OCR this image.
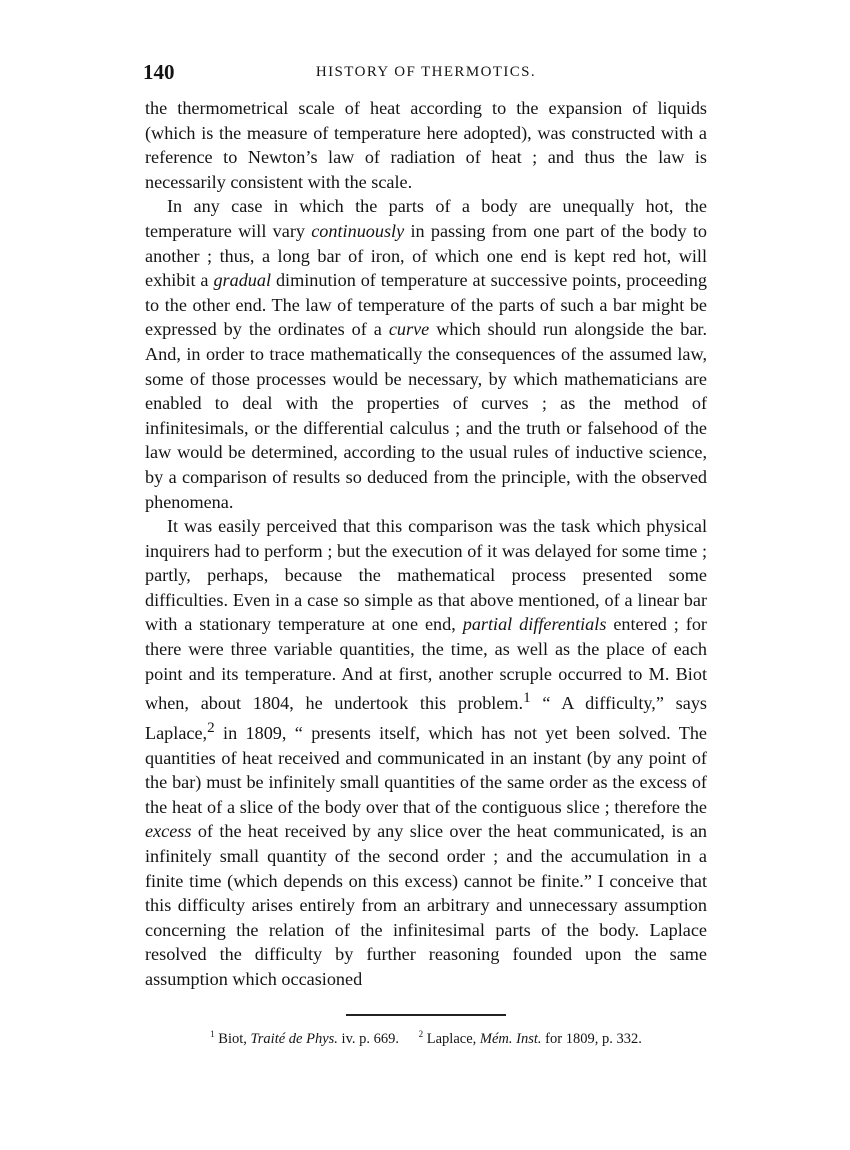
140	HISTORY OF THERMOTICS.

the thermometrical scale of heat according to the expansion of liquids (which is the measure of temperature here adopted), was constructed with a reference to Newton’s law of radiation of heat ; and thus the law is necessarily consistent with the scale.

In any case in which the parts of a body are unequally hot, the temperature will vary continuously in passing from one part of the body to another ; thus, a long bar of iron, of which one end is kept red hot, will exhibit a gradual diminution of temperature at successive points, proceeding to the other end. The law of temperature of the parts of such a bar might be expressed by the ordinates of a curve which should run alongside the bar. And, in order to trace mathematically the consequences of the assumed law, some of those processes would be necessary, by which mathematicians are enabled to deal with the properties of curves ; as the method of infinitesimals, or the differential calculus ; and the truth or falsehood of the law would be determined, according to the usual rules of inductive science, by a comparison of results so deduced from the principle, with the observed phenomena.

It was easily perceived that this comparison was the task which physical inquirers had to perform ; but the execution of it was delayed for some time ; partly, perhaps, because the mathematical process presented some difficulties. Even in a case so simple as that above mentioned, of a linear bar with a stationary temperature at one end, partial differentials entered ; for there were three variable quantities, the time, as well as the place of each point and its temperature. And at first, another scruple occurred to M. Biot when, about 1804, he undertook this problem.$^1$ “ A difficulty,” says Laplace,$^2$ in 1809, “ presents itself, which has not yet been solved. The quantities of heat received and communicated in an instant (by any point of the bar) must be infinitely small quantities of the same order as the excess of the heat of a slice of the body over that of the contiguous slice ; therefore the excess of the heat received by any slice over the heat communicated, is an infinitely small quantity of the second order ; and the accumulation in a finite time (which depends on this excess) cannot be finite.” I conceive that this difficulty arises entirely from an arbitrary and unnecessary assumption concerning the relation of the infinitesimal parts of the body. Laplace resolved the difficulty by further reasoning founded upon the same assumption which occasioned

$^1$ Biot, Traité de Phys. iv. p. 669. $^2$ Laplace, Mém. Inst. for 1809, p. 332.
